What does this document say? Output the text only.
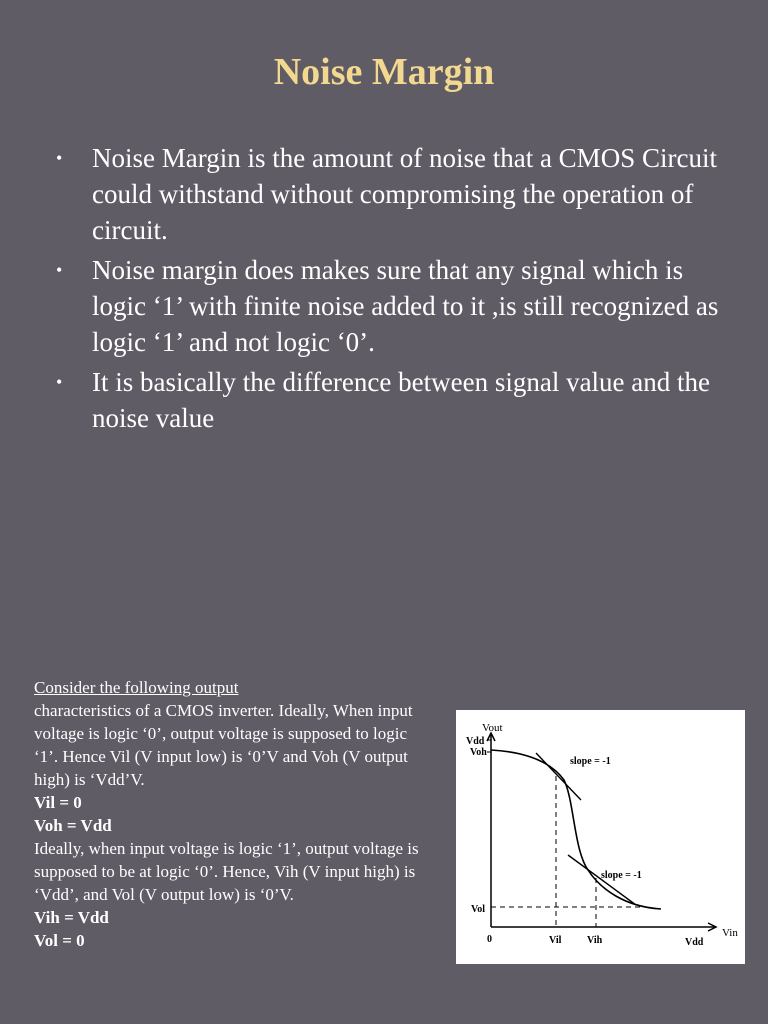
Noise Margin
• Noise Margin is the amount of noise that a CMOS Circuit could withstand without compromising the operation of circuit.
• Noise margin does makes sure that any signal which is logic ‘1’ with finite noise added to it ,is still recognized as logic ‘1’ and not logic ‘0’.
• It is basically the difference between signal value and the noise value
Consider the following output
characteristics of a CMOS inverter. Ideally, When input voltage is logic ‘0’, output voltage is supposed to logic ‘1’. Hence Vil (V input low) is ‘0’V and Voh (V output high) is ‘Vdd’V.
Vil = 0
Voh = Vdd
Ideally, when input voltage is logic ‘1’, output voltage is supposed to be at logic ‘0’. Hence, Vih (V input high) is ‘Vdd’, and Vol (V output low) is ‘0’V.
Vih = Vdd
Vol = 0
Vout
Vin
Vdd
Voh
Vol
0	Vil	Vih	Vdd
slope = -1
slope = -1
